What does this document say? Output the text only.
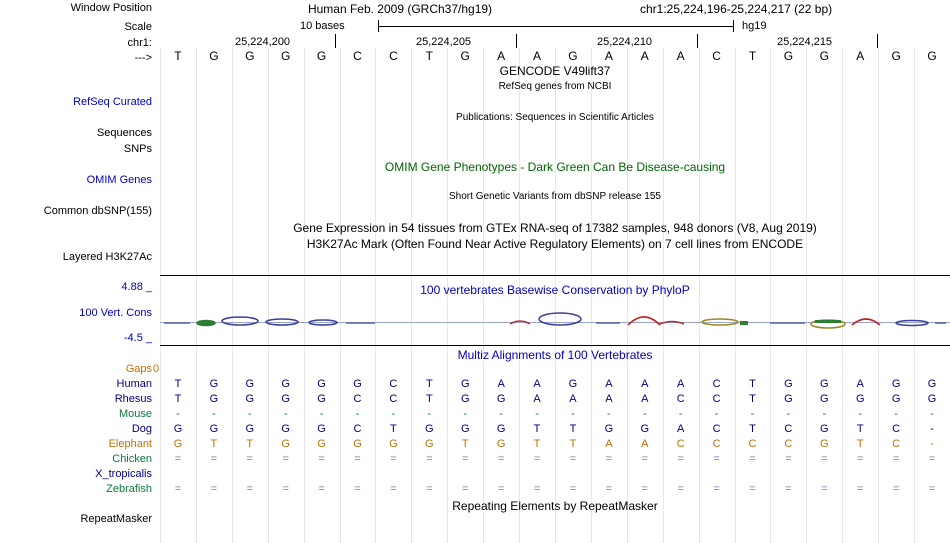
Window Position
Scale
chr1:
--->
RefSeq Curated
Sequences
SNPs
OMIM Genes
Common dbSNP(155)
Layered H3K27Ac
100 Vert. Cons
RepeatMasker
Human Feb. 2009 (GRCh37/hg19)	chr1:25,224,196-25,224,217 (22 bp)
10 bases	hg19
25,224,200	25,224,205	25,224,210	25,224,215
T	G	G	G	G	C	C	T	G	A	A	G	A	A	A	C	T	G	G	A	G	G
GENCODE V49lift37
RefSeq genes from NCBI
Publications: Sequences in Scientific Articles
OMIM Gene Phenotypes - Dark Green Can Be Disease-causing
Short Genetic Variants from dbSNP release 155
Gene Expression in 54 tissues from GTEx RNA-seq of 17382 samples, 948 donors (V8, Aug 2019)
H3K27Ac Mark (Often Found Near Active Regulatory Elements) on 7 cell lines from ENCODE
100 vertebrates Basewise Conservation by PhyloP
4.88 _
-4.5 _
Multiz Alignments of 100 Vertebrates
Gaps 0
Human	T	G	G	G	G	G	C	T	G	A	A	G	A	A	A	C	T	G	G	A	G	G
Rhesus	T	G	G	G	G	C	C	T	G	G	A	A	A	A	C	C	T	G	G	G	G	G
Mouse	-	-	-	-	-	-	-	-	-	-	-	-	-	-	-	-	-	-	-	-	-	-
Dog	G	G	G	G	G	C	T	G	G	G	T	T	G	G	A	C	T	C	G	T	C	-
Elephant	G	T	T	G	G	G	G	G	T	G	T	T	A	A	C	C	C	C	G	T	C	-
Chicken	=	=	=	=	=	=	=	=	=	=	=	=	=	=	=	=	=	=	=	=	=	=
X_tropicalis
Zebrafish	=	=	=	=	=	=	=	=	=	=	=	=	=	=	=	=	=	=	=	=	=	=
Repeating Elements by RepeatMasker
